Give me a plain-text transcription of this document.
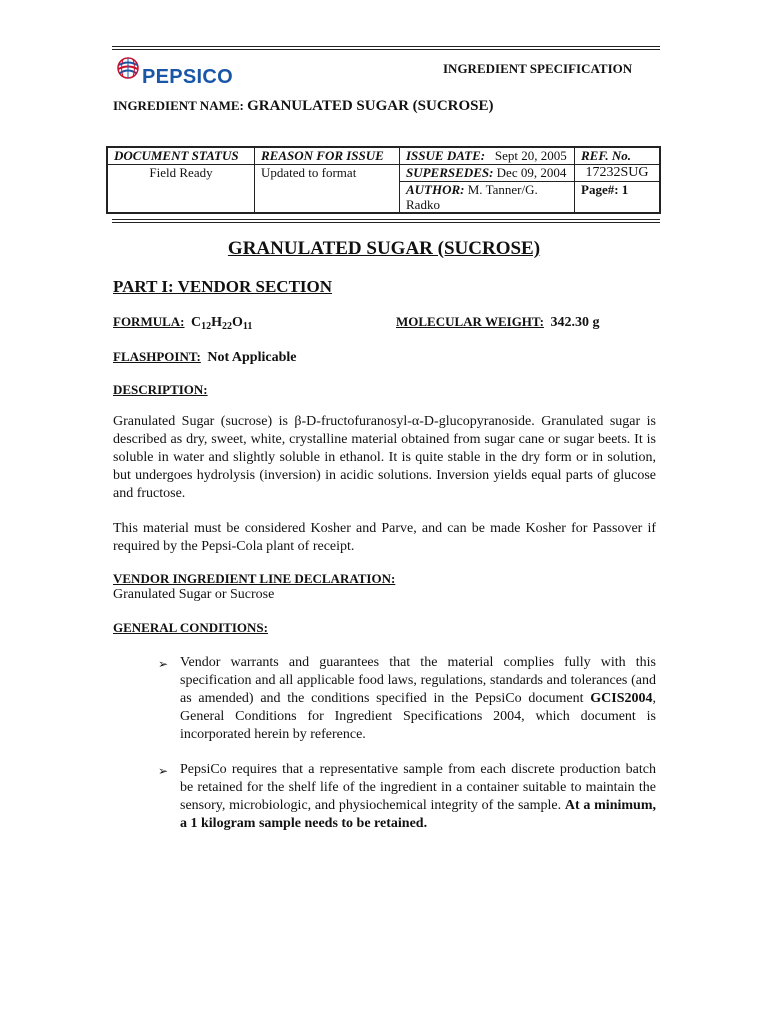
PEPSICO	INGREDIENT SPECIFICATION
INGREDIENT NAME: GRANULATED SUGAR (SUCROSE)
DOCUMENT STATUS	REASON FOR ISSUE	ISSUE DATE: Sept 20, 2005	REF. No.
Field Ready	Updated to format	SUPERSEDES: Dec 09, 2004	17232SUG
		AUTHOR: M. Tanner/G. Radko	Page#: 1
GRANULATED SUGAR (SUCROSE)
PART I: VENDOR SECTION
FORMULA: $C_{12}H_{22}O_{11}$	MOLECULAR WEIGHT: 342.30 g
FLASHPOINT: Not Applicable
DESCRIPTION:
Granulated Sugar (sucrose) is β-D-fructofuranosyl-α-D-glucopyranoside. Granulated sugar is described as dry, sweet, white, crystalline material obtained from sugar cane or sugar beets. It is soluble in water and slightly soluble in ethanol. It is quite stable in the dry form or in solution, but undergoes hydrolysis (inversion) in acidic solutions. Inversion yields equal parts of glucose and fructose.
This material must be considered Kosher and Parve, and can be made Kosher for Passover if required by the Pepsi-Cola plant of receipt.
VENDOR INGREDIENT LINE DECLARATION:
Granulated Sugar or Sucrose
GENERAL CONDITIONS:
➢ Vendor warrants and guarantees that the material complies fully with this specification and all applicable food laws, regulations, standards and tolerances (and as amended) and the conditions specified in the PepsiCo document GCIS2004, General Conditions for Ingredient Specifications 2004, which document is incorporated herein by reference.
➢ PepsiCo requires that a representative sample from each discrete production batch be retained for the shelf life of the ingredient in a container suitable to maintain the sensory, microbiologic, and physiochemical integrity of the sample. At a minimum, a 1 kilogram sample needs to be retained.
